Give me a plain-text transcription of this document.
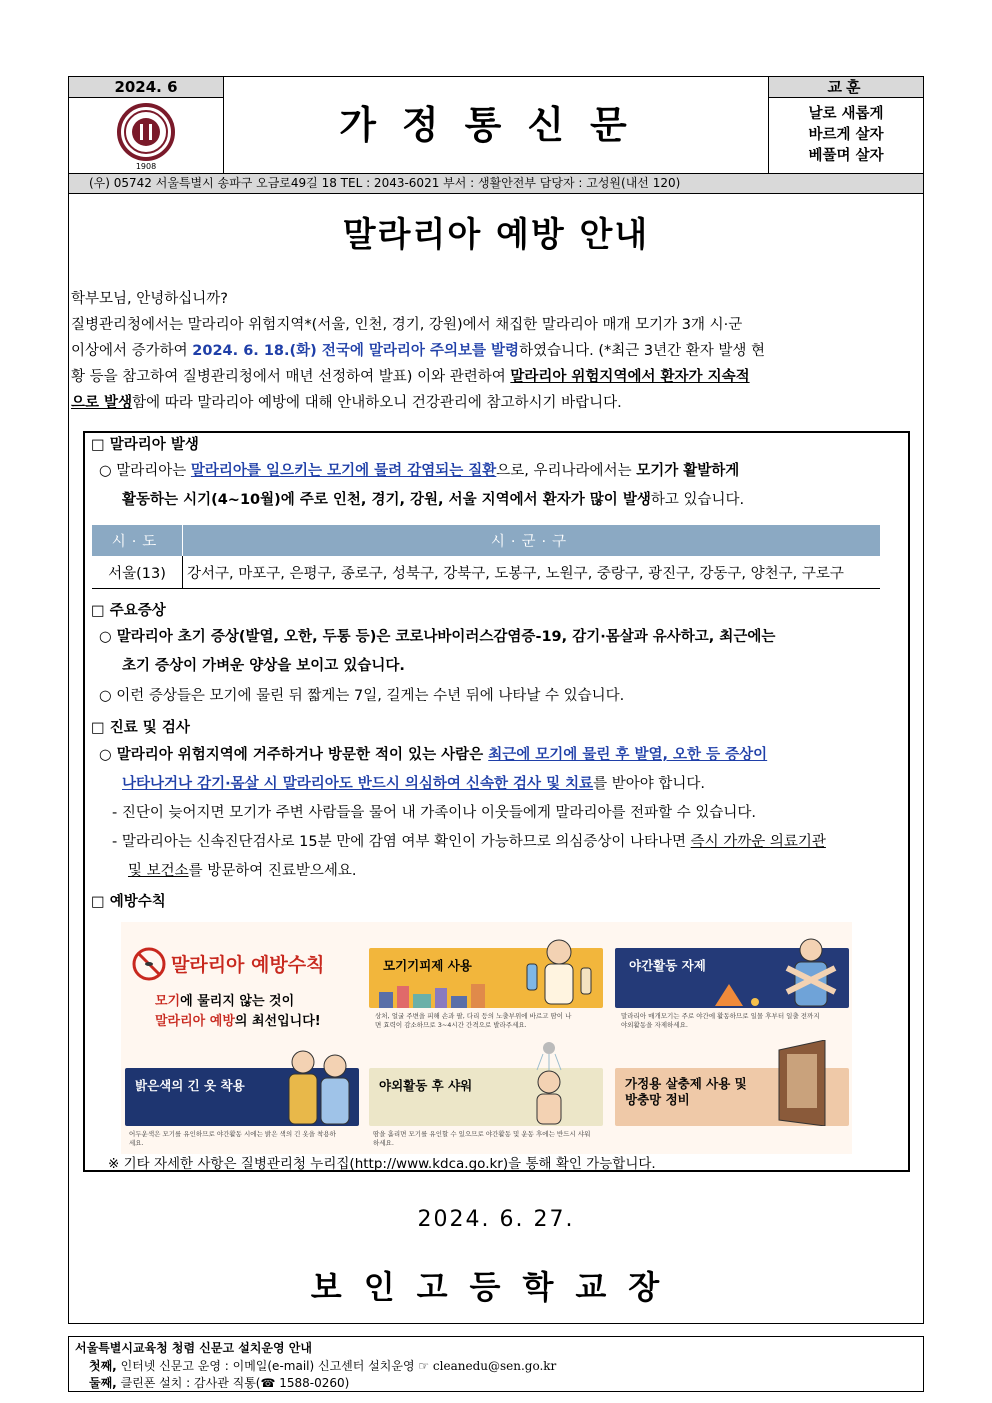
2024. 6
1908
가정통신문
교훈
날로 새롭게
바르게 살자
베풀며 살자
(우) 05742 서울특별시 송파구 오금로49길 18 TEL : 2043-6021 부서 : 생활안전부 담당자 : 고성원(내선 120)
말라리아 예방 안내
학부모님, 안녕하십니까?
질병관리청에서는 말라리아 위험지역*(서울, 인천, 경기, 강원)에서 채집한 말라리아 매개 모기가 3개 시·군
이상에서 증가하여 2024. 6. 18.(화) 전국에 말라리아 주의보를 발령하였습니다. (*최근 3년간 환자 발생 현
황 등을 참고하여 질병관리청에서 매년 선정하여 발표) 이와 관련하여 말라리아 위험지역에서 환자가 지속적
으로 발생함에 따라 말라리아 예방에 대해 안내하오니 건강관리에 참고하시기 바랍니다.
□ 말라리아 발생
○ 말라리아는 말라리아를 일으키는 모기에 물려 감염되는 질환으로, 우리나라에서는 모기가 활발하게
활동하는 시기(4~10월)에 주로 인천, 경기, 강원, 서울 지역에서 환자가 많이 발생하고 있습니다.
시·도	시·군·구
서울(13)	강서구, 마포구, 은평구, 종로구, 성북구, 강북구, 도봉구, 노원구, 중랑구, 광진구, 강동구, 양천구, 구로구
□ 주요증상
○ 말라리아 초기 증상(발열, 오한, 두통 등)은 코로나바이러스감염증-19, 감기·몸살과 유사하고, 최근에는
초기 증상이 가벼운 양상을 보이고 있습니다.
○ 이런 증상들은 모기에 물린 뒤 짧게는 7일, 길게는 수년 뒤에 나타날 수 있습니다.
□ 진료 및 검사
○ 말라리아 위험지역에 거주하거나 방문한 적이 있는 사람은 최근에 모기에 물린 후 발열, 오한 등 증상이
나타나거나 감기·몸살 시 말라리아도 반드시 의심하여 신속한 검사 및 치료를 받아야 합니다.
- 진단이 늦어지면 모기가 주변 사람들을 물어 내 가족이나 이웃들에게 말라리아를 전파할 수 있습니다.
- 말라리아는 신속진단검사로 15분 만에 감염 여부 확인이 가능하므로 의심증상이 나타나면 즉시 가까운 의료기관
및 보건소를 방문하여 진료받으세요.
□ 예방수칙
말라리아 예방수칙
모기에 물리지 않는 것이
말라리아 예방의 최선입니다!
모기기피제 사용
상처, 얼굴 주변을 피해 손과 팔, 다리 등의 노출부위에 바르고 땀이 나면 효력이 감소하므로 3~4시간 간격으로 발라주세요.
야간활동 자제
말라리아 매개모기는 주로 야간에 활동하므로 일몰 후부터 일출 전까지 야외활동을 자제하세요.
밝은색의 긴 옷 착용
어두운색은 모기를 유인하므로 야간활동 시에는 밝은 색의 긴 옷을 착용하세요.
야외활동 후 샤워
땀을 흘리면 모기를 유인할 수 있으므로 야간활동 및 운동 후에는 반드시 샤워하세요.
가정용 살충제 사용 및 방충망 정비
※ 기타 자세한 사항은 질병관리청 누리집(http://www.kdca.go.kr)을 통해 확인 가능합니다.
2024. 6. 27.
보인고등학교장
서울특별시교육청 청렴 신문고 설치운영 안내
첫째, 인터넷 신문고 운영 : 이메일(e-mail) 신고센터 설치운영 ☞ cleanedu@sen.go.kr
둘째, 클린폰 설치 : 감사관 직통(☎ 1588-0260)
